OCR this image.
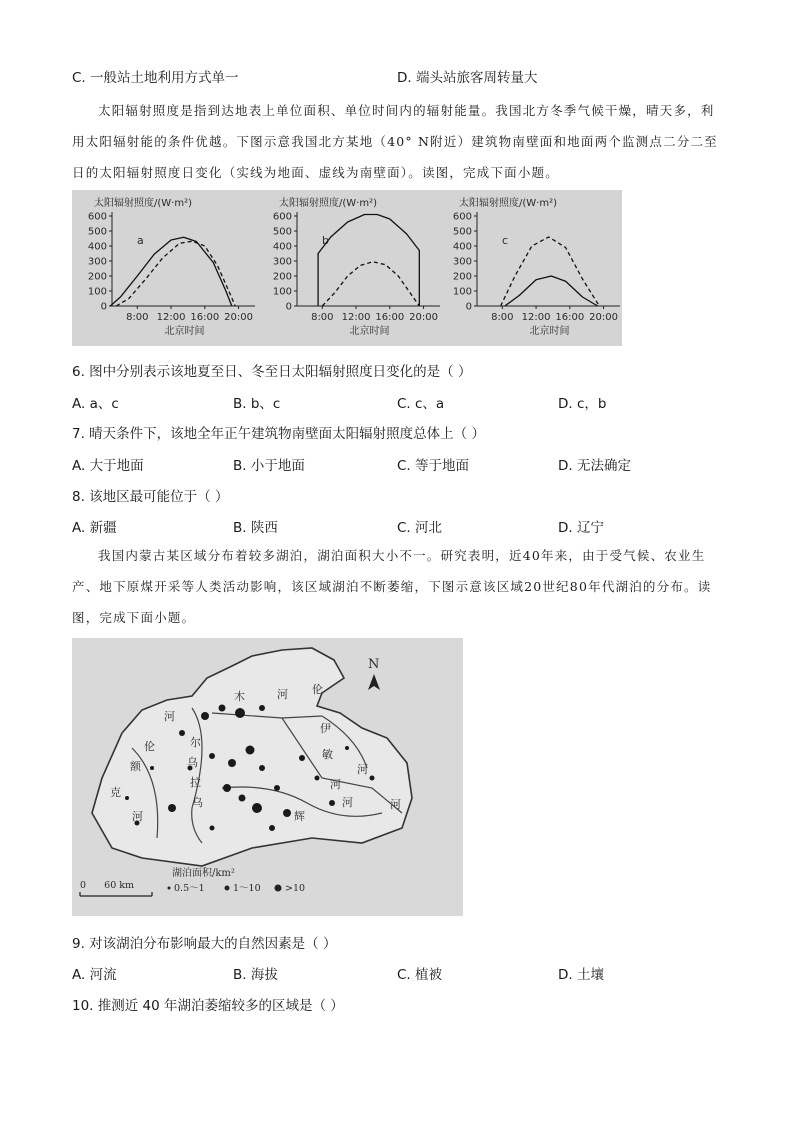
C. 一般站土地利用方式单一	D. 端头站旅客周转量大
太阳辐射照度是指到达地表上单位面积、单位时间内的辐射能量。我国北方冬季气候干燥，晴天多，利用太阳辐射能的条件优越。下图示意我国北方某地（40° N附近）建筑物南壁面和地面两个监测点二分二至日的太阳辐射照度日变化（实线为地面、虚线为南壁面）。读图，完成下面小题。
太阳辐射照度/(W·m²)
0
100
200
300
400
500
600
8:00 12:00 16:00 20:00
北京时间
a
太阳辐射照度/(W·m²)
0
100
200
300
400
500
600
8:00 12:00 16:00 20:00
北京时间
b
太阳辐射照度/(W·m²)
0
100
200
300
400
500
600
8:00 12:00 16:00 20:00
北京时间
c
6. 图中分别表示该地夏至日、冬至日太阳辐射照度日变化的是（ ）
A. a、c	B. b、c	C. c、a	D. c，b
7. 晴天条件下，该地全年正午建筑物南壁面太阳辐射照度总体上（ ）
A. 大于地面	B. 小于地面	C. 等于地面	D. 无法确定
8. 该地区最可能位于（ ）
A. 新疆	B. 陕西	C. 河北	D. 辽宁
我国内蒙古某区域分布着较多湖泊，湖泊面积大小不一。研究表明，近40年来，由于受气候、农业生产、地下原煤开采等人类活动影响，该区域湖泊不断萎缩，下图示意该区域20世纪80年代湖泊的分布。读图，完成下面小题。
河
伦
额
克
河
尔
乌
拉
乌
木	河 伦
伊
敏
河
河
辉
河	河
N
湖泊面积/km²
0.5～1	1～10	>10
0      60 km
9. 对该湖泊分布影响最大的自然因素是（ ）
A. 河流	B. 海拔	C. 植被	D. 土壤
10. 推测近 40 年湖泊萎缩较多的区域是（ ）
